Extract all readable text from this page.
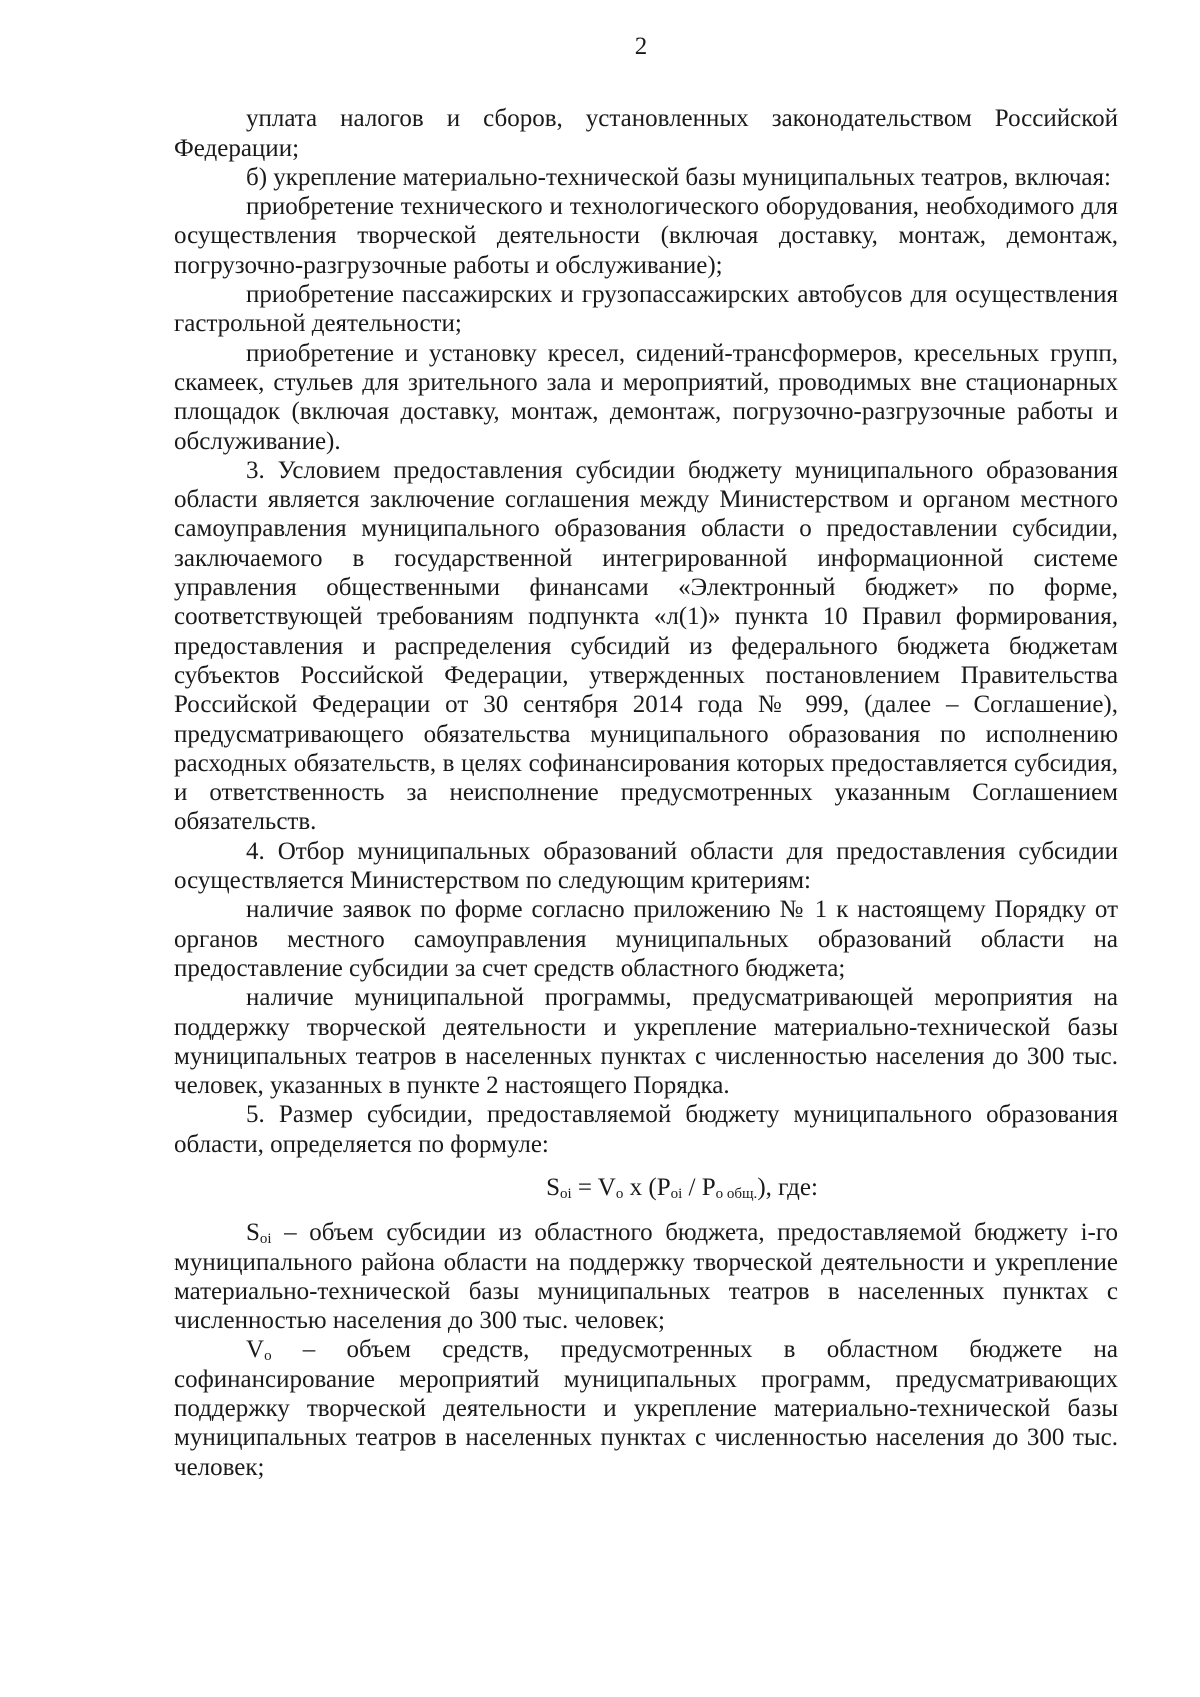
2

уплата налогов и сборов, установленных законодательством Российской Федерации;

б) укрепление материально-технической базы муниципальных театров, включая:

приобретение технического и технологического оборудования, необходимого для осуществления творческой деятельности (включая доставку, монтаж, демонтаж, погрузочно-разгрузочные работы и обслуживание);

приобретение пассажирских и грузопассажирских автобусов для осуществления гастрольной деятельности;

приобретение и установку кресел, сидений-трансформеров, кресельных групп, скамеек, стульев для зрительного зала и мероприятий, проводимых вне стационарных площадок (включая доставку, монтаж, демонтаж, погрузочно-разгрузочные работы и обслуживание).

3. Условием предоставления субсидии бюджету муниципального образования области является заключение соглашения между Министерством и органом местного самоуправления муниципального образования области о предоставлении субсидии, заключаемого в государственной интегрированной информационной системе управления общественными финансами «Электронный бюджет» по форме, соответствующей требованиям подпункта «л(1)» пункта 10 Правил формирования, предоставления и распределения субсидий из федерального бюджета бюджетам субъектов Российской Федерации, утвержденных постановлением Правительства Российской Федерации от 30 сентября 2014 года № 999, (далее – Соглашение), предусматривающего обязательства муниципального образования по исполнению расходных обязательств, в целях софинансирования которых предоставляется субсидия, и ответственность за неисполнение предусмотренных указанным Соглашением обязательств.

4. Отбор муниципальных образований области для предоставления субсидии осуществляется Министерством по следующим критериям:

наличие заявок по форме согласно приложению № 1 к настоящему Порядку от органов местного самоуправления муниципальных образований области на предоставление субсидии за счет средств областного бюджета;

наличие муниципальной программы, предусматривающей мероприятия на поддержку творческой деятельности и укрепление материально-технической базы муниципальных театров в населенных пунктах с численностью населения до 300 тыс. человек, указанных в пункте 2 настоящего Порядка.

5. Размер субсидии, предоставляемой бюджету муниципального образования области, определяется по формуле:

$S_{oi} = V_o$ x $(P_{oi} / P_{о общ.})$, где:

$S_{oi}$ – объем субсидии из областного бюджета, предоставляемой бюджету i-го муниципального района области на поддержку творческой деятельности и укрепление материально-технической базы муниципальных театров в населенных пунктах с численностью населения до 300 тыс. человек;

$V_o$ – объем средств, предусмотренных в областном бюджете на софинансирование мероприятий муниципальных программ, предусматривающих поддержку творческой деятельности и укрепление материально-технической базы муниципальных театров в населенных пунктах с численностью населения до 300 тыс. человек;
